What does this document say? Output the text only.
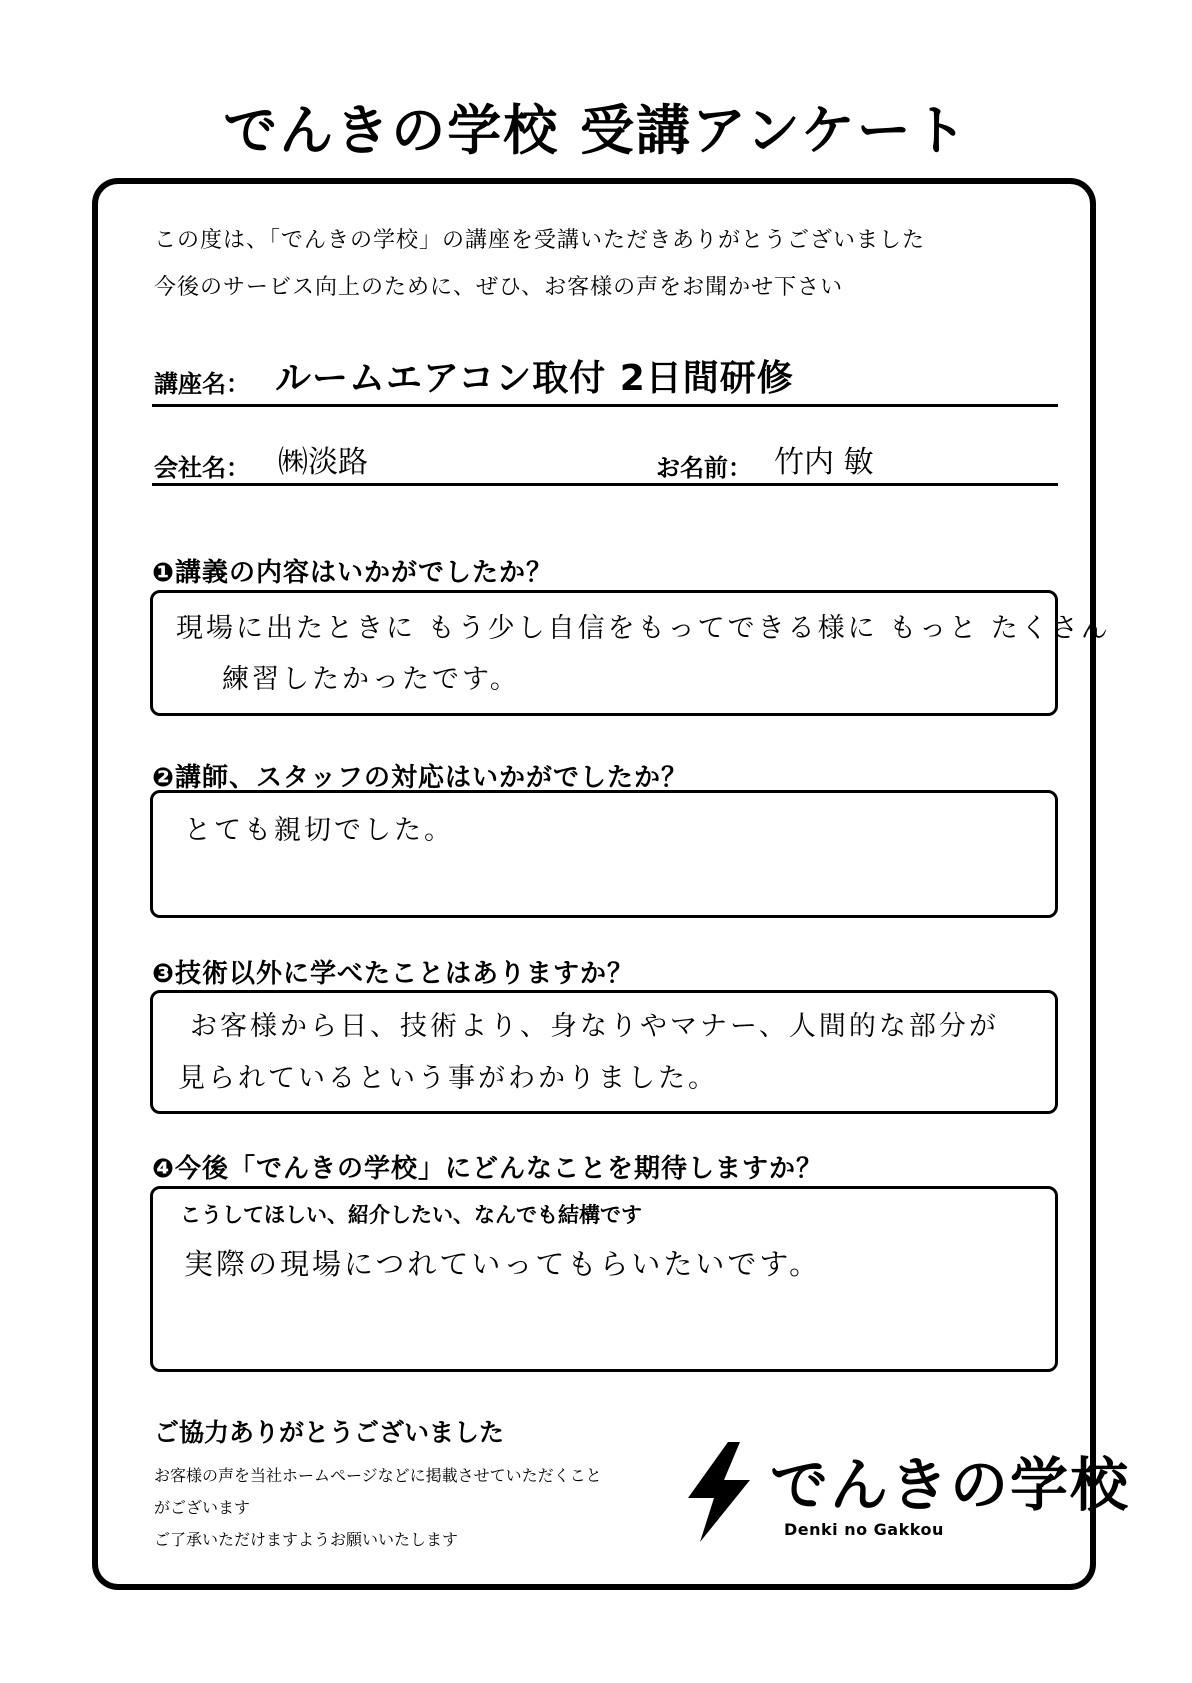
でんきの学校 受講アンケート
この度は、「でんきの学校」の講座を受講いただきありがとうございました
今後のサービス向上のために、ぜひ、お客様の声をお聞かせ下さい
講座名： ルームエアコン取付 2日間研修
会社名： ㈱淡路	お名前： 竹内 敏
❶講義の内容はいかがでしたか？
現場に出たときに もう少し自信をもってできる様に もっと たくさん
練習したかったです。
❷講師、スタッフの対応はいかがでしたか？
とても親切でした。
❸技術以外に学べたことはありますか？
お客様から日、技術より、身なりやマナー、人間的な部分が
見られているという事がわかりました。
❹今後「でんきの学校」にどんなことを期待しますか？
こうしてほしい、紹介したい、なんでも結構です
実際の現場につれていってもらいたいです。
ご協力ありがとうございました
お客様の声を当社ホームページなどに掲載させていただくこと
がございます
ご了承いただけますようお願いいたします
でんきの学校
Denki no Gakkou
